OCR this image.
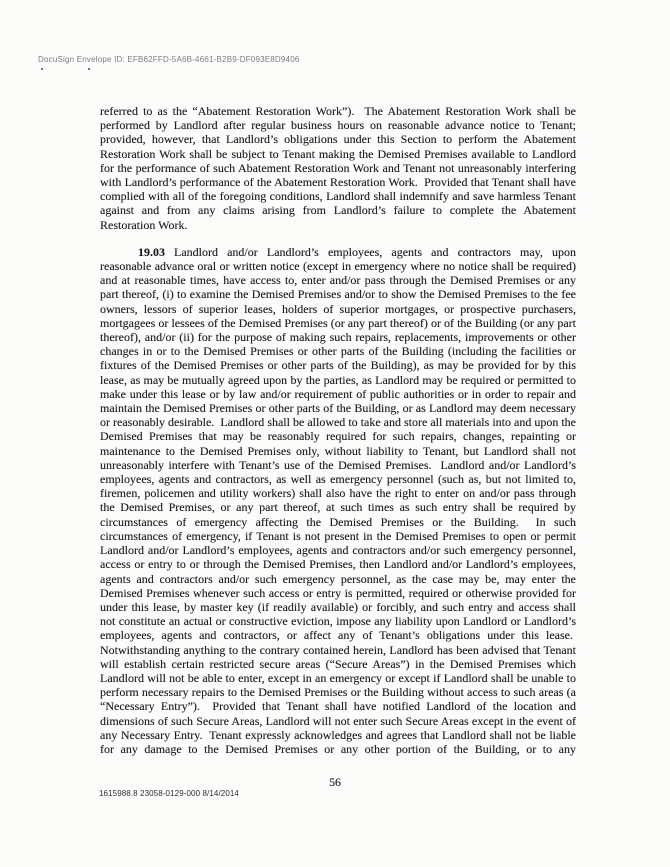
DocuSign Envelope ID: EFB62FFD-5A6B-4661-B2B9-DF093E8D9406

referred to as the “Abatement Restoration Work”).  The Abatement Restoration Work shall be performed by Landlord after regular business hours on reasonable advance notice to Tenant; provided, however, that Landlord’s obligations under this Section to perform the Abatement Restoration Work shall be subject to Tenant making the Demised Premises available to Landlord for the performance of such Abatement Restoration Work and Tenant not unreasonably interfering with Landlord’s performance of the Abatement Restoration Work.  Provided that Tenant shall have complied with all of the foregoing conditions, Landlord shall indemnify and save harmless Tenant against and from any claims arising from Landlord’s failure to complete the Abatement Restoration Work.

19.03 Landlord and/or Landlord’s employees, agents and contractors may, upon reasonable advance oral or written notice (except in emergency where no notice shall be required) and at reasonable times, have access to, enter and/or pass through the Demised Premises or any part thereof, (i) to examine the Demised Premises and/or to show the Demised Premises to the fee owners, lessors of superior leases, holders of superior mortgages, or prospective purchasers, mortgagees or lessees of the Demised Premises (or any part thereof) or of the Building (or any part thereof), and/or (ii) for the purpose of making such repairs, replacements, improvements or other changes in or to the Demised Premises or other parts of the Building (including the facilities or fixtures of the Demised Premises or other parts of the Building), as may be provided for by this lease, as may be mutually agreed upon by the parties, as Landlord may be required or permitted to make under this lease or by law and/or requirement of public authorities or in order to repair and maintain the Demised Premises or other parts of the Building, or as Landlord may deem necessary or reasonably desirable.  Landlord shall be allowed to take and store all materials into and upon the Demised Premises that may be reasonably required for such repairs, changes, repainting or maintenance to the Demised Premises only, without liability to Tenant, but Landlord shall not unreasonably interfere with Tenant’s use of the Demised Premises.  Landlord and/or Landlord’s employees, agents and contractors, as well as emergency personnel (such as, but not limited to, firemen, policemen and utility workers) shall also have the right to enter on and/or pass through the Demised Premises, or any part thereof, at such times as such entry shall be required by circumstances of emergency affecting the Demised Premises or the Building.  In such circumstances of emergency, if Tenant is not present in the Demised Premises to open or permit Landlord and/or Landlord’s employees, agents and contractors and/or such emergency personnel, access or entry to or through the Demised Premises, then Landlord and/or Landlord’s employees, agents and contractors and/or such emergency personnel, as the case may be, may enter the Demised Premises whenever such access or entry is permitted, required or otherwise provided for under this lease, by master key (if readily available) or forcibly, and such entry and access shall not constitute an actual or constructive eviction, impose any liability upon Landlord or Landlord’s employees, agents and contractors, or affect any of Tenant’s obligations under this lease.  Notwithstanding anything to the contrary contained herein, Landlord has been advised that Tenant will establish certain restricted secure areas (“Secure Areas”) in the Demised Premises which Landlord will not be able to enter, except in an emergency or except if Landlord shall be unable to perform necessary repairs to the Demised Premises or the Building without access to such areas (a “Necessary Entry”).  Provided that Tenant shall have notified Landlord of the location and dimensions of such Secure Areas, Landlord will not enter such Secure Areas except in the event of any Necessary Entry.  Tenant expressly acknowledges and agrees that Landlord shall not be liable for any damage to the Demised Premises or any other portion of the Building, or to any

56
1615988.8 23058-0129-000 8/14/2014
